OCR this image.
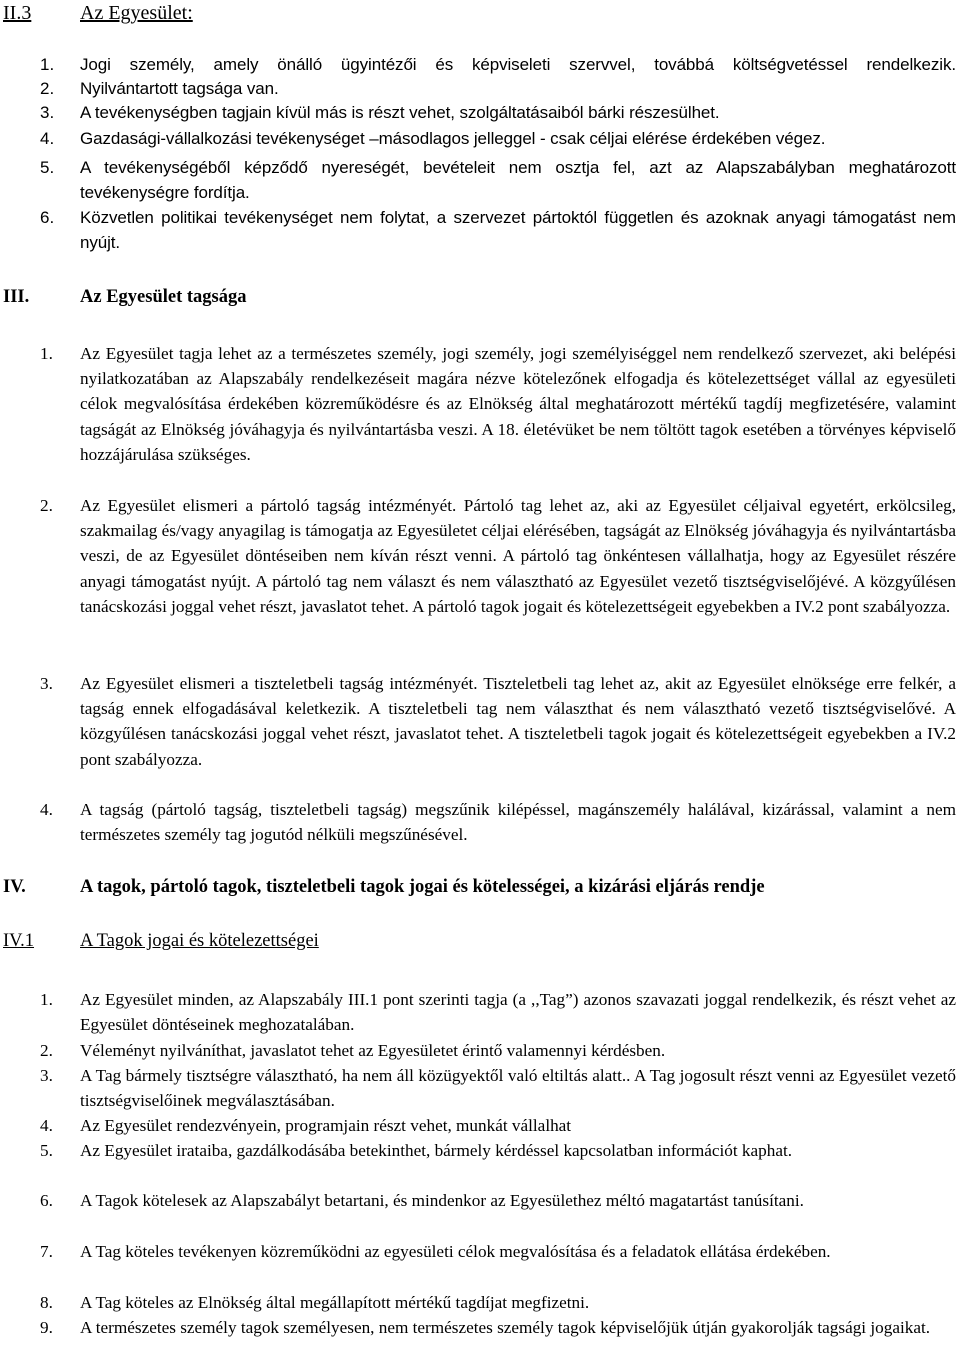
II.3 Az Egyesület:
1. Jogi személy, amely önálló ügyintézői és képviseleti szervvel, továbbá költségvetéssel rendelkezik.
2. Nyilvántartott tagsága van.
3. A tevékenységben tagjain kívül más is részt vehet, szolgáltatásaiból bárki részesülhet.
4. Gazdasági-vállalkozási tevékenységet –másodlagos jelleggel - csak céljai elérése érdekében végez.
5. A tevékenységéből képződő nyereségét, bevételeit nem osztja fel, azt az Alapszabályban meghatározott tevékenységre fordítja.
6. Közvetlen politikai tevékenységet nem folytat, a szervezet pártoktól független és azoknak anyagi támogatást nem nyújt.
III.	Az Egyesület tagsága
1. Az Egyesület tagja lehet az a természetes személy, jogi személy, jogi személyiséggel nem rendelkező szervezet, aki belépési nyilatkozatában az Alapszabály rendelkezéseit magára nézve kötelezőnek elfogadja és kötelezettséget vállal az egyesületi célok megvalósítása érdekében közreműködésre és az Elnökség által meghatározott mértékű tagdíj megfizetésére, valamint tagságát az Elnökség jóváhagyja és nyilvántartásba veszi. A 18. életévüket be nem töltött tagok esetében a törvényes képviselő hozzájárulása szükséges.
2. Az Egyesület elismeri a pártoló tagság intézményét. Pártoló tag lehet az, aki az Egyesület céljaival egyetért, erkölcsileg, szakmailag és/vagy anyagilag is támogatja az Egyesületet céljai elérésében, tagságát az Elnökség jóváhagyja és nyilvántartásba veszi, de az Egyesület döntéseiben nem kíván részt venni. A pártoló tag önkéntesen vállalhatja, hogy az Egyesület részére anyagi támogatást nyújt. A pártoló tag nem választ és nem választható az Egyesület vezető tisztségviselőjévé. A közgyűlésen tanácskozási joggal vehet részt, javaslatot tehet. A pártoló tagok jogait és kötelezettségeit egyebekben a IV.2 pont szabályozza.
3. Az Egyesület elismeri a tiszteletbeli tagság intézményét. Tiszteletbeli tag lehet az, akit az Egyesület elnöksége erre felkér, a tagság ennek elfogadásával keletkezik. A tiszteletbeli tag nem választhat és nem választható vezető tisztségviselővé. A közgyűlésen tanácskozási joggal vehet részt, javaslatot tehet. A tiszteletbeli tagok jogait és kötelezettségeit egyebekben a IV.2 pont szabályozza.
4. A tagság (pártoló tagság, tiszteletbeli tagság) megszűnik kilépéssel, magánszemély halálával, kizárással, valamint a nem természetes személy tag jogutód nélküli megszűnésével.
IV.	A tagok, pártoló tagok, tiszteletbeli tagok jogai és kötelességei, a kizárási eljárás rendje
IV.1 A Tagok jogai és kötelezettségei
1. Az Egyesület minden, az Alapszabály III.1 pont szerinti tagja (a ,,Tag”) azonos szavazati joggal rendelkezik, és részt vehet az Egyesület döntéseinek meghozatalában.
2. Véleményt nyilváníthat, javaslatot tehet az Egyesületet érintő valamennyi kérdésben.
3. A Tag bármely tisztségre választható, ha nem áll közügyektől való eltiltás alatt.. A Tag jogosult részt venni az Egyesület vezető tisztségviselőinek megválasztásában.
4. Az Egyesület rendezvényein, programjain részt vehet, munkát vállalhat
5. Az Egyesület irataiba, gazdálkodásába betekinthet, bármely kérdéssel kapcsolatban információt kaphat.
6. A Tagok kötelesek az Alapszabályt betartani, és mindenkor az Egyesülethez méltó magatartást tanúsítani.
7. A Tag köteles tevékenyen közreműködni az egyesületi célok megvalósítása és a feladatok ellátása érdekében.
8. A Tag köteles az Elnökség által megállapított mértékű tagdíjat megfizetni.
9. A természetes személy tagok személyesen, nem természetes személy tagok képviselőjük útján gyakorolják tagsági jogaikat.
